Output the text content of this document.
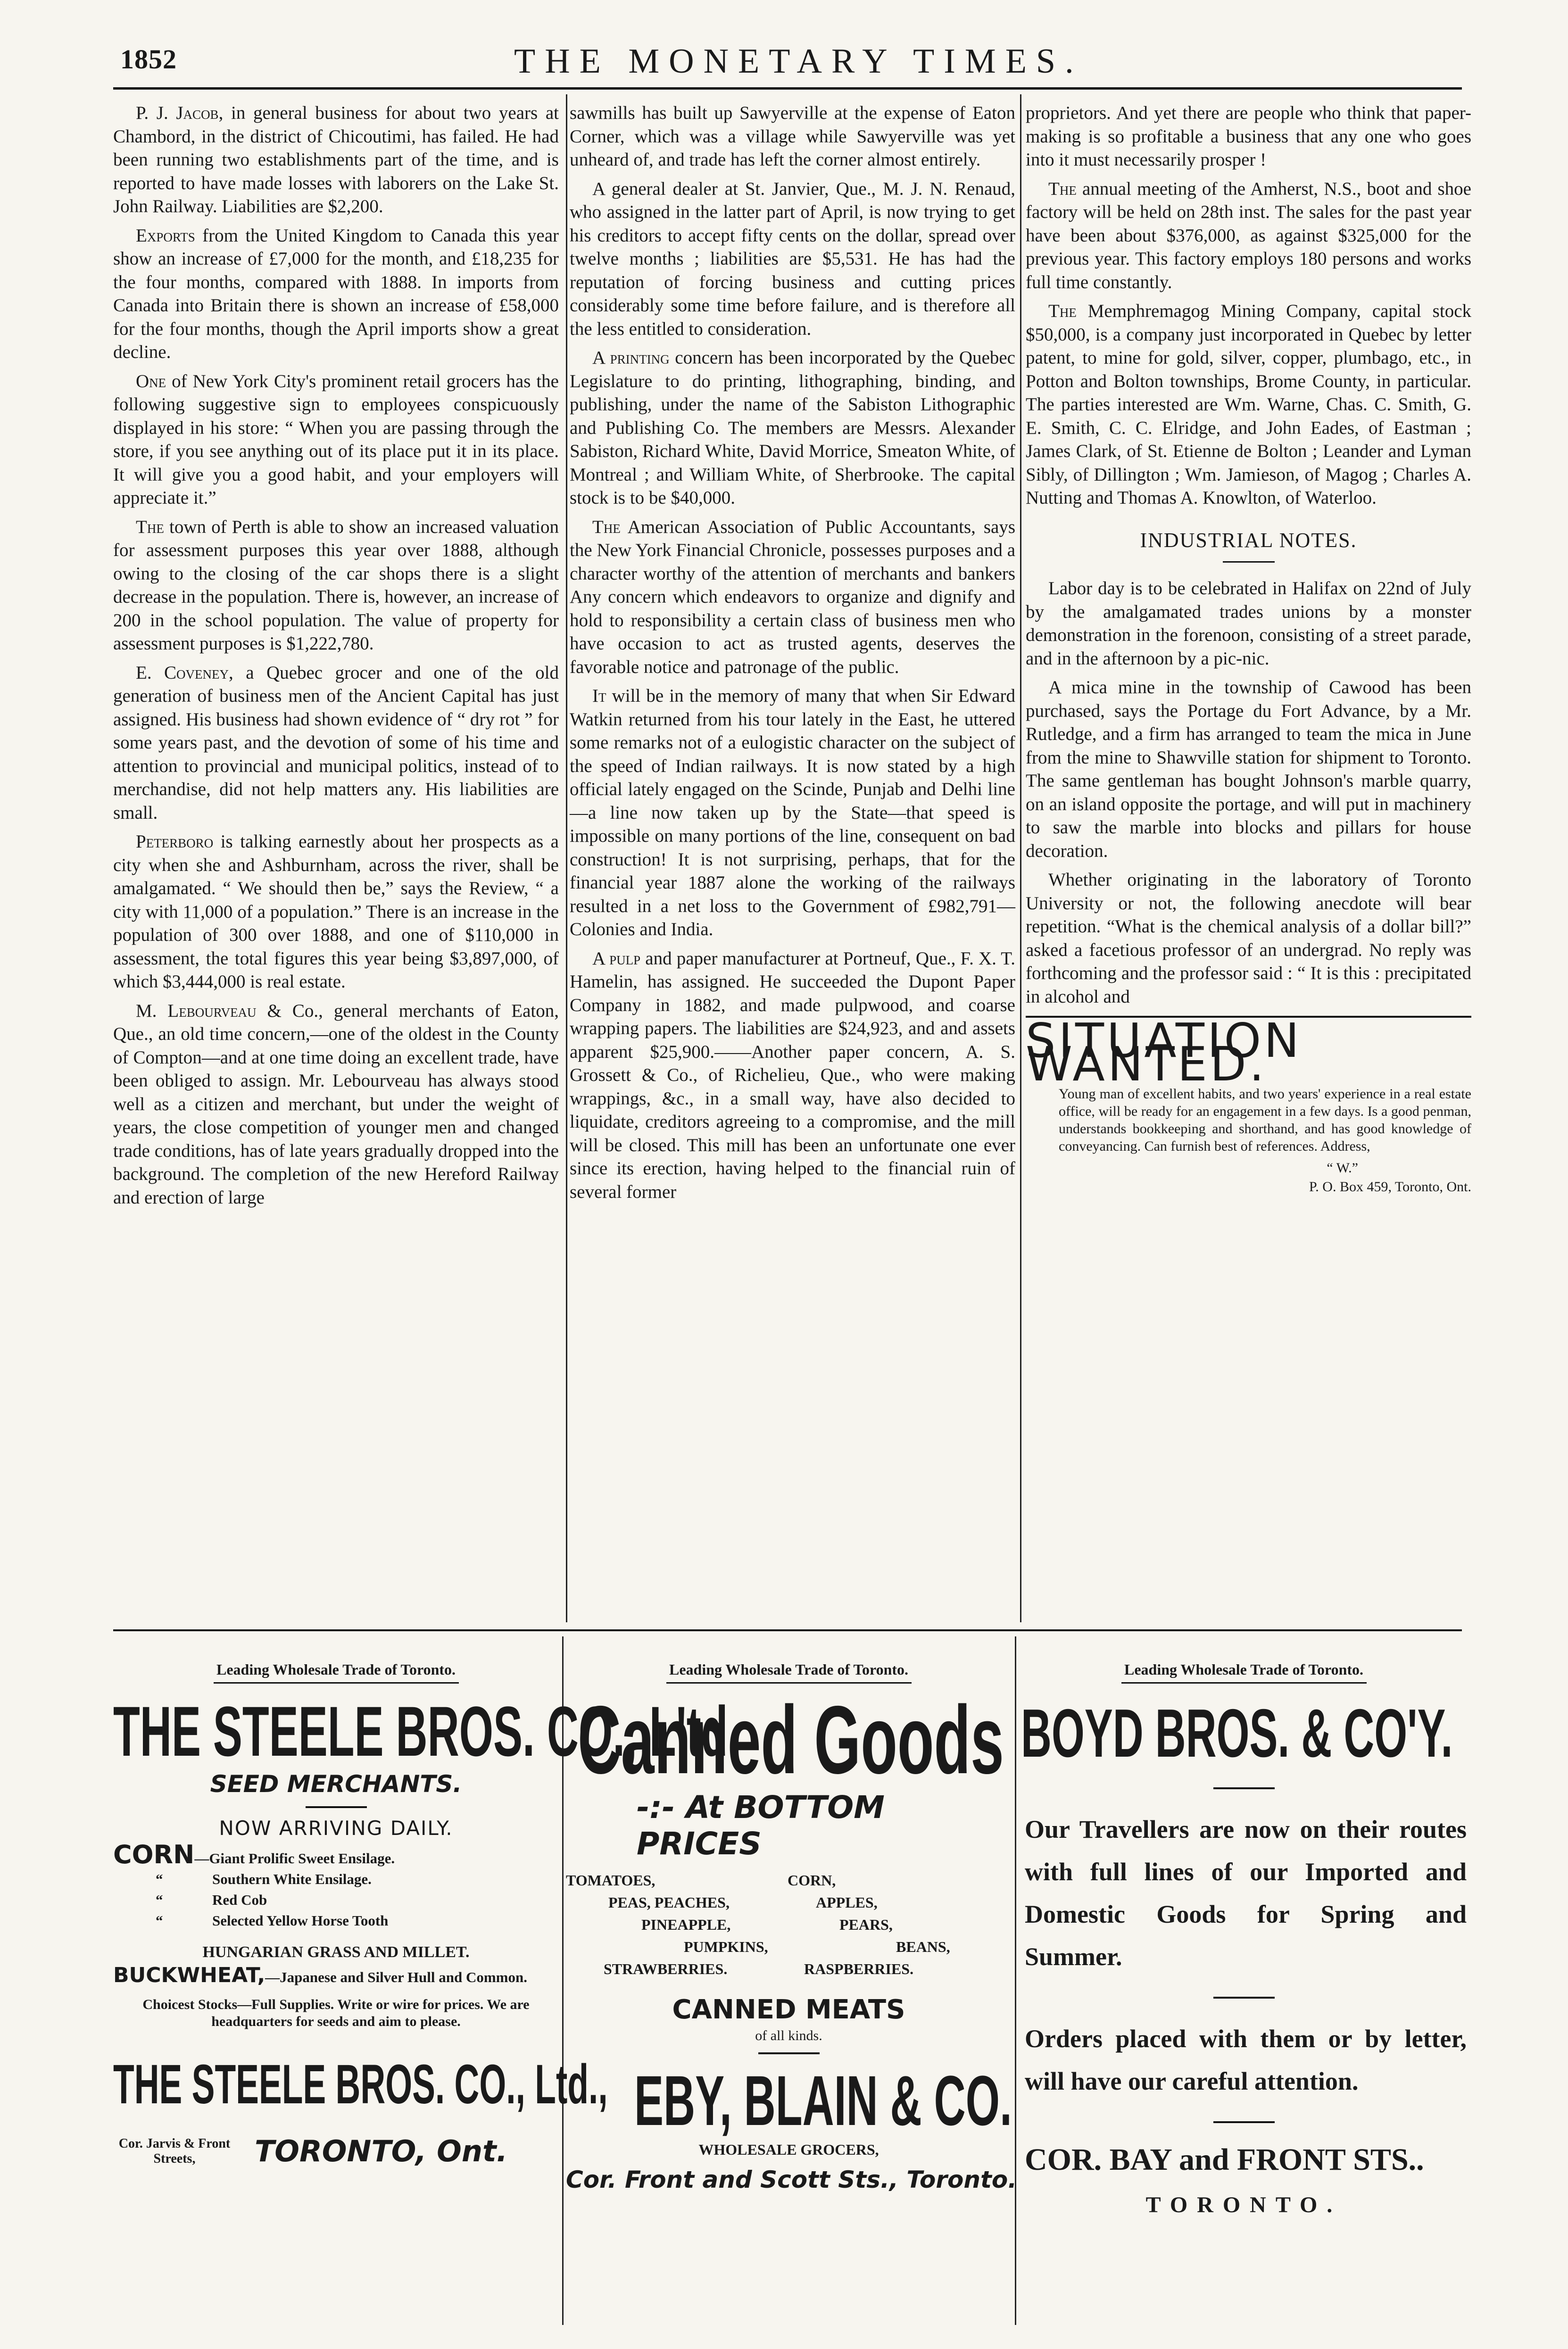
1852	THE MONETARY TIMES.

P. J. Jacob, in general business for about two years at Chambord, in the district of Chicoutimi, has failed. He had been running two establishments part of the time, and is reported to have made losses with laborers on the Lake St. John Railway. Liabilities are $2,200.

Exports from the United Kingdom to Canada this year show an increase of £7,000 for the month, and £18,235 for the four months, compared with 1888. In imports from Canada into Britain there is shown an increase of £58,000 for the four months, though the April imports show a great decline.

One of New York City's prominent retail grocers has the following suggestive sign to employees conspicuously displayed in his store: “ When you are passing through the store, if you see anything out of its place put it in its place. It will give you a good habit, and your employers will appreciate it.”

The town of Perth is able to show an increased valuation for assessment purposes this year over 1888, although owing to the closing of the car shops there is a slight decrease in the population. There is, however, an increase of 200 in the school population. The value of property for assessment purposes is $1,222,780.

E. Coveney, a Quebec grocer and one of the old generation of business men of the Ancient Capital has just assigned. His business had shown evidence of “ dry rot ” for some years past, and the devotion of some of his time and attention to provincial and municipal politics, instead of to merchandise, did not help matters any. His liabilities are small.

Peterboro is talking earnestly about her prospects as a city when she and Ashburnham, across the river, shall be amalgamated. “ We should then be,” says the Review, “ a city with 11,000 of a population.” There is an increase in the population of 300 over 1888, and one of $110,000 in assessment, the total figures this year being $3,897,000, of which $3,444,000 is real estate.

M. Lebourveau & Co., general merchants of Eaton, Que., an old time concern,—one of the oldest in the County of Compton—and at one time doing an excellent trade, have been obliged to assign. Mr. Lebourveau has always stood well as a citizen and merchant, but under the weight of years, the close competition of younger men and changed trade conditions, has of late years gradually dropped into the background. The completion of the new Hereford Railway and erection of large

sawmills has built up Sawyerville at the expense of Eaton Corner, which was a village while Sawyerville was yet unheard of, and trade has left the corner almost entirely.

A general dealer at St. Janvier, Que., M. J. N. Renaud, who assigned in the latter part of April, is now trying to get his creditors to accept fifty cents on the dollar, spread over twelve months ; liabilities are $5,531. He has had the reputation of forcing business and cutting prices considerably some time before failure, and is therefore all the less entitled to consideration.

A printing concern has been incorporated by the Quebec Legislature to do printing, lithographing, binding, and publishing, under the name of the Sabiston Lithographic and Publishing Co. The members are Messrs. Alexander Sabiston, Richard White, David Morrice, Smeaton White, of Montreal ; and William White, of Sherbrooke. The capital stock is to be $40,000.

The American Association of Public Accountants, says the New York Financial Chronicle, possesses purposes and a character worthy of the attention of merchants and bankers Any concern which endeavors to organize and dignify and hold to responsibility a certain class of business men who have occasion to act as trusted agents, deserves the favorable notice and patronage of the public.

It will be in the memory of many that when Sir Edward Watkin returned from his tour lately in the East, he uttered some remarks not of a eulogistic character on the subject of the speed of Indian railways. It is now stated by a high official lately engaged on the Scinde, Punjab and Delhi line—a line now taken up by the State—that speed is impossible on many portions of the line, consequent on bad construction! It is not surprising, perhaps, that for the financial year 1887 alone the working of the railways resulted in a net loss to the Government of £982,791—Colonies and India.

A pulp and paper manufacturer at Portneuf, Que., F. X. T. Hamelin, has assigned. He succeeded the Dupont Paper Company in 1882, and made pulpwood, and coarse wrapping papers. The liabilities are $24,923, and and assets apparent $25,900.——Another paper concern, A. S. Grossett & Co., of Richelieu, Que., who were making wrappings, &c., in a small way, have also decided to liquidate, creditors agreeing to a compromise, and the mill will be closed. This mill has been an unfortunate one ever since its erection, having helped to the financial ruin of several former

proprietors. And yet there are people who think that paper-making is so profitable a business that any one who goes into it must necessarily prosper !

The annual meeting of the Amherst, N.S., boot and shoe factory will be held on 28th inst. The sales for the past year have been about $376,000, as against $325,000 for the previous year. This factory employs 180 persons and works full time constantly.

The Memphremagog Mining Company, capital stock $50,000, is a company just incorporated in Quebec by letter patent, to mine for gold, silver, copper, plumbago, etc., in Potton and Bolton townships, Brome County, in particular. The parties interested are Wm. Warne, Chas. C. Smith, G. E. Smith, C. C. Elridge, and John Eades, of Eastman ; James Clark, of St. Etienne de Bolton ; Leander and Lyman Sibly, of Dillington ; Wm. Jamieson, of Magog ; Charles A. Nutting and Thomas A. Knowlton, of Waterloo.

INDUSTRIAL NOTES.

Labor day is to be celebrated in Halifax on 22nd of July by the amalgamated trades unions by a monster demonstration in the forenoon, consisting of a street parade, and in the afternoon by a pic-nic.

A mica mine in the township of Cawood has been purchased, says the Portage du Fort Advance, by a Mr. Rutledge, and a firm has arranged to team the mica in June from the mine to Shawville station for shipment to Toronto. The same gentleman has bought Johnson's marble quarry, on an island opposite the portage, and will put in machinery to saw the marble into blocks and pillars for house decoration.

Whether originating in the laboratory of Toronto University or not, the following anecdote will bear repetition. “What is the chemical analysis of a dollar bill?” asked a facetious professor of an undergrad. No reply was forthcoming and the professor said : “ It is this : precipitated in alcohol and

SITUATION WANTED.
Young man of excellent habits, and two years' experience in a real estate office, will be ready for an engagement in a few days. Is a good penman, understands bookkeeping and shorthand, and has good knowledge of conveyancing. Can furnish best of references. Address,
“ W.”
P. O. Box 459, Toronto, Ont.
Leading Wholesale Trade of Toronto.
THE STEELE BROS. CO., L'td.
SEED MERCHANTS.
NOW ARRIVING DAILY.
CORN—Giant Prolific Sweet Ensilage.
“	Southern White Ensilage.
“	Red Cob
“	Selected Yellow Horse Tooth
HUNGARIAN GRASS AND MILLET.
BUCKWHEAT,—Japanese and Silver Hull and Common.
Choicest Stocks—Full Supplies. Write or wire for prices. We are headquarters for seeds and aim to please.
THE STEELE BROS. CO., Ltd.,
Cor. Jarvis & Front Streets,	TORONTO, Ont.
Leading Wholesale Trade of Toronto.
Canned Goods
-:- At BOTTOM PRICES
TOMATOES,	CORN,
PEAS, PEACHES,	APPLES,
PINEAPPLE,	PEARS,
PUMPKINS,	BEANS,
STRAWBERRIES.	RASPBERRIES.
CANNED MEATS
of all kinds.
EBY, BLAIN & CO.
WHOLESALE GROCERS,
Cor. Front and Scott Sts., Toronto.
Leading Wholesale Trade of Toronto.
BOYD BROS. & CO'Y.
Our Travellers are now on their routes with full lines of our Imported and Domestic Goods for Spring and Summer.
Orders placed with them or by letter, will have our careful attention.
COR. BAY and FRONT STS..
TORONTO.
